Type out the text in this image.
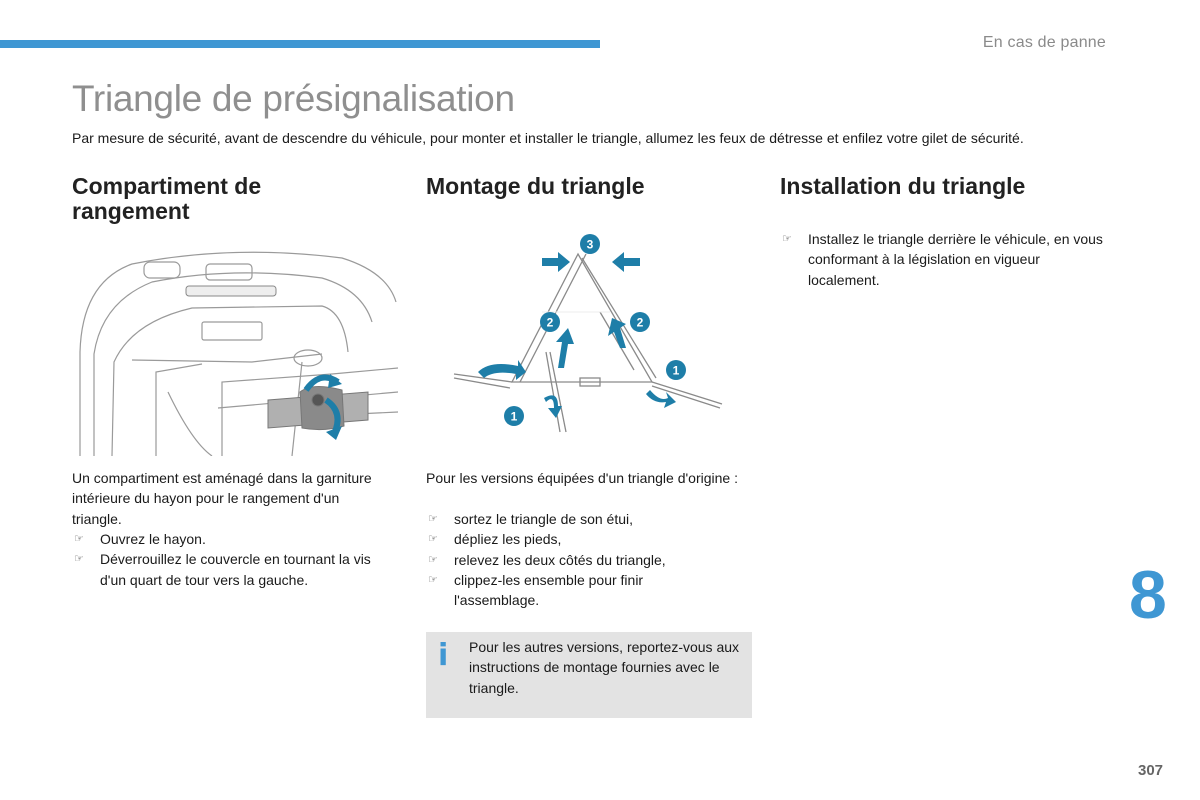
En cas de panne
Triangle de présignalisation

Par mesure de sécurité, avant de descendre du véhicule, pour monter et installer le triangle, allumez les feux de détresse et enfilez votre gilet de sécurité.

Compartiment de rangement

Un compartiment est aménagé dans la garniture intérieure du hayon pour le rangement d'un triangle.

☞ Ouvrez le hayon.
☞ Déverrouillez le couvercle en tournant la vis d'un quart de tour vers la gauche.
Montage du triangle
3
2	2
1
1

Pour les versions équipées d'un triangle d'origine :

☞ sortez le triangle de son étui,
☞ dépliez les pieds,
☞ relevez les deux côtés du triangle,
☞ clippez-les ensemble pour finir l'assemblage.
i Pour les autres versions, reportez-vous aux instructions de montage fournies avec le triangle.

Installation du triangle
☞ Installez le triangle derrière le véhicule, en vous conformant à la législation en vigueur localement.
8
307
